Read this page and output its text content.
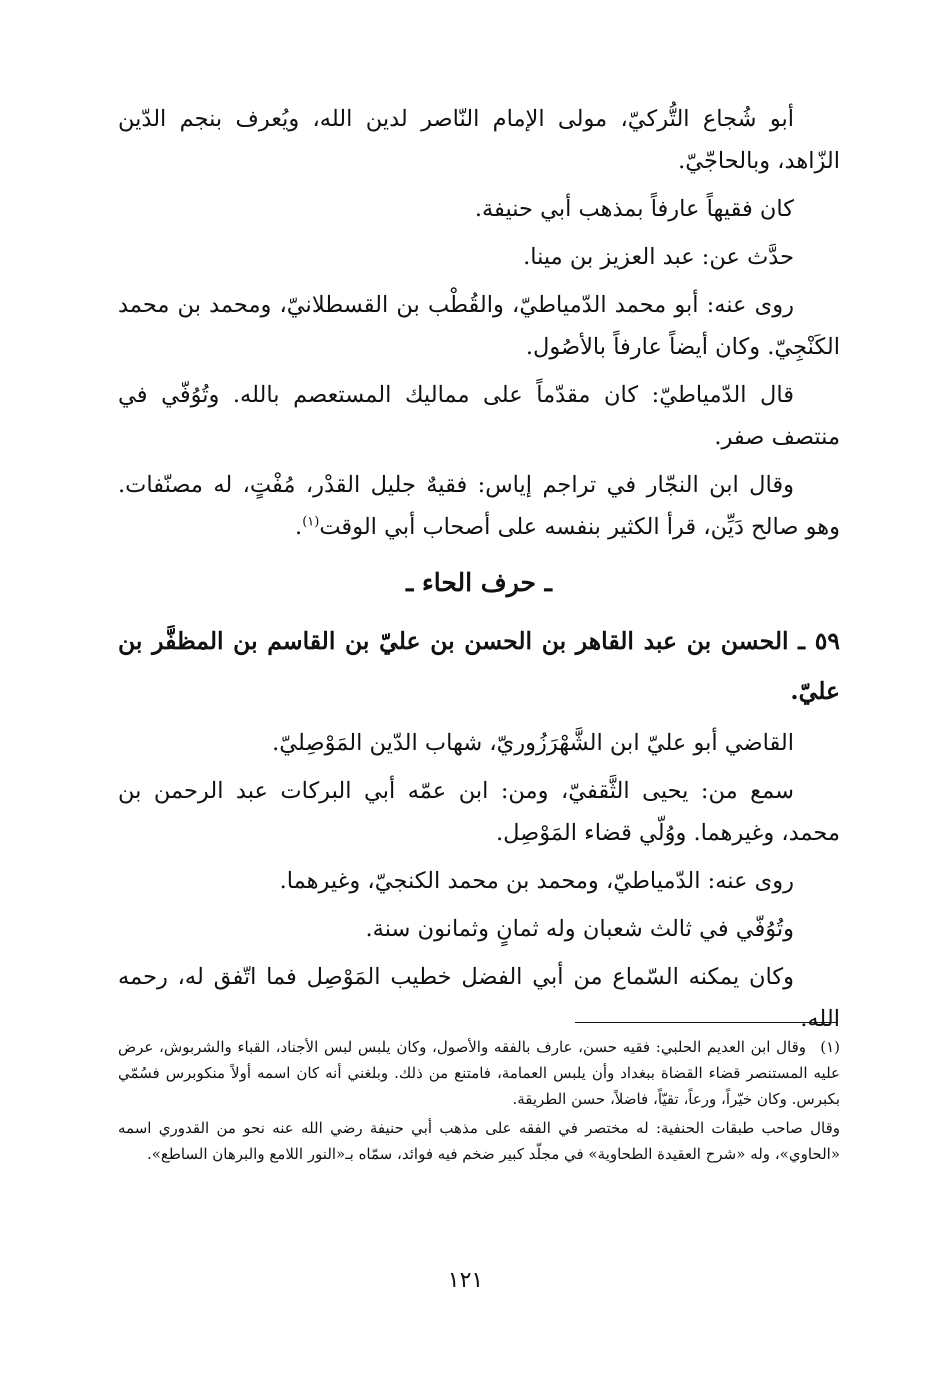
أبو شُجاع التُّركيّ، مولى الإمام النّاصر لدين الله، ويُعرف بنجم الدّين الزّاهد، وبالحاجّيّ.

كان فقيهاً عارفاً بمذهب أبي حنيفة.

حدَّث عن: عبد العزيز بن مينا.

روى عنه: أبو محمد الدّمياطيّ، والقُطْب بن القسطلانيّ، ومحمد بن محمد الكَنْجِيّ. وكان أيضاً عارفاً بالأصُول.

قال الدّمياطيّ: كان مقدّماً على مماليك المستعصم بالله. وتُوُفّي في منتصف صفر.

وقال ابن النجّار في تراجم إياس: فقيهٌ جليل القدْر، مُفْتٍ، له مصنّفات. وهو صالح دَيِّن، قرأ الكثير بنفسه على أصحاب أبي الوقت$^{(١)}$.

ـ حرف الحاء ـ

٥٩ ـ الحسن بن عبد القاهر بن الحسن بن عليّ بن القاسم بن المظفَّر بن عليّ.

القاضي أبو عليّ ابن الشَّهْرَزُوريّ، شهاب الدّين المَوْصِليّ.

سمع من: يحيى الثَّقفيّ، ومن: ابن عمّه أبي البركات عبد الرحمن بن محمد، وغيرهما. ووُلّي قضاء المَوْصِل.

روى عنه: الدّمياطيّ، ومحمد بن محمد الكنجيّ، وغيرهما.

وتُوُفّي في ثالث شعبان وله ثمانٍ وثمانون سنة.

وكان يمكنه السّماع من أبي الفضل خطيب المَوْصِل فما اتّفق له، رحمه الله.

(١)وقال ابن العديم الحلبي: فقيه حسن، عارف بالفقه والأصول، وكان يلبس لبس الأجناد، القباء والشربوش، عرض عليه المستنصر قضاء القضاة ببغداد وأن يلبس العمامة، فامتنع من ذلك. وبلغني أنه كان اسمه أولاً منكوبرس فسُمّي بكبرس. وكان خيّراً، ورعاً، تقيّاً، فاضلاً، حسن الطريقة.

وقال صاحب طبقات الحنفية: له مختصر في الفقه على مذهب أبي حنيفة رضي الله عنه نحو من القدوري اسمه «الحاوي»، وله «شرح العقيدة الطحاوية» في مجلّد كبير ضخم فيه فوائد، سمّاه بـ«النور اللامع والبرهان الساطع».

١٢١
